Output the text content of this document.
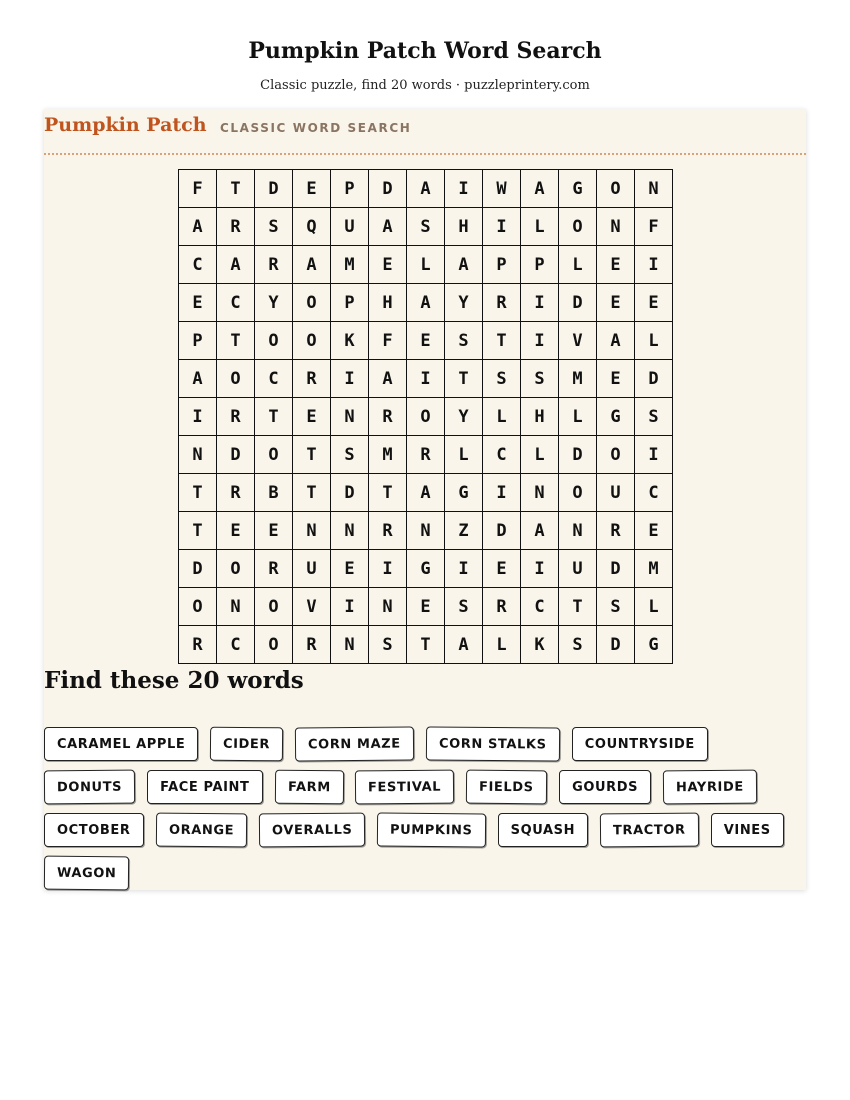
Pumpkin Patch Word Search
Classic puzzle, find 20 words · puzzleprintery.com
Pumpkin Patch CLASSIC WORD SEARCH
F	T	D	E	P	D	A	I	W	A	G	O	N
A	R	S	Q	U	A	S	H	I	L	O	N	F
C	A	R	A	M	E	L	A	P	P	L	E	I
E	C	Y	O	P	H	A	Y	R	I	D	E	E
P	T	O	O	K	F	E	S	T	I	V	A	L
A	O	C	R	I	A	I	T	S	S	M	E	D
I	R	T	E	N	R	O	Y	L	H	L	G	S
N	D	O	T	S	M	R	L	C	L	D	O	I
T	R	B	T	D	T	A	G	I	N	O	U	C
T	E	E	N	N	R	N	Z	D	A	N	R	E
D	O	R	U	E	I	G	I	E	I	U	D	M
O	N	O	V	I	N	E	S	R	C	T	S	L
R	C	O	R	N	S	T	A	L	K	S	D	G
Find these 20 words
CARAMEL APPLE	CIDER	CORN MAZE	CORN STALKS	COUNTRYSIDE
DONUTS	FACE PAINT	FARM	FESTIVAL	FIELDS	GOURDS	HAYRIDE
OCTOBER	ORANGE	OVERALLS	PUMPKINS	SQUASH	TRACTOR	VINES
WAGON
